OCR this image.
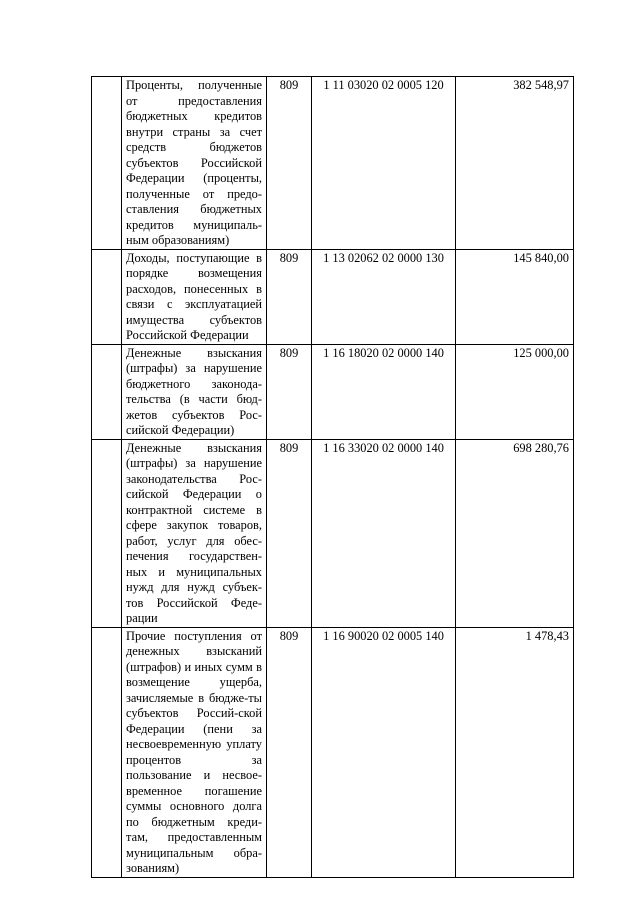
	Проценты, полученные от предоставления бюджетных кредитов внутри страны за счет средств бюджетов субъектов Российской Федерации (проценты, полученные от предо-ставления бюджетных кредитов муниципаль-ным образованиям)	809	1 11 03020 02 0005 120	382 548,97
	Доходы, поступающие в порядке возмещения расходов, понесенных в связи с эксплуатацией имущества субъектов Российской Федерации	809	1 13 02062 02 0000 130	145 840,00
	Денежные взыскания (штрафы) за нарушение бюджетного законода-тельства (в части бюд-жетов субъектов Рос-сийской Федерации)	809	1 16 18020 02 0000 140	125 000,00
	Денежные взыскания (штрафы) за нарушение законодательства Рос-сийской Федерации о контрактной системе в сфере закупок товаров, работ, услуг для обес-печения государствен-ных и муниципальных нужд для нужд субъек-тов Российской Феде-рации	809	1 16 33020 02 0000 140	698 280,76
	Прочие поступления от денежных взысканий (штрафов) и иных сумм в возмещение ущерба, зачисляемые в бюдже-ты субъектов Россий-ской Федерации (пени за несвоевременную уплату процентов за пользование и несвое-временное погашение суммы основного долга по бюджетным креди-там, предоставленным муниципальным обра-зованиям)	809	1 16 90020 02 0005 140	1 478,43
